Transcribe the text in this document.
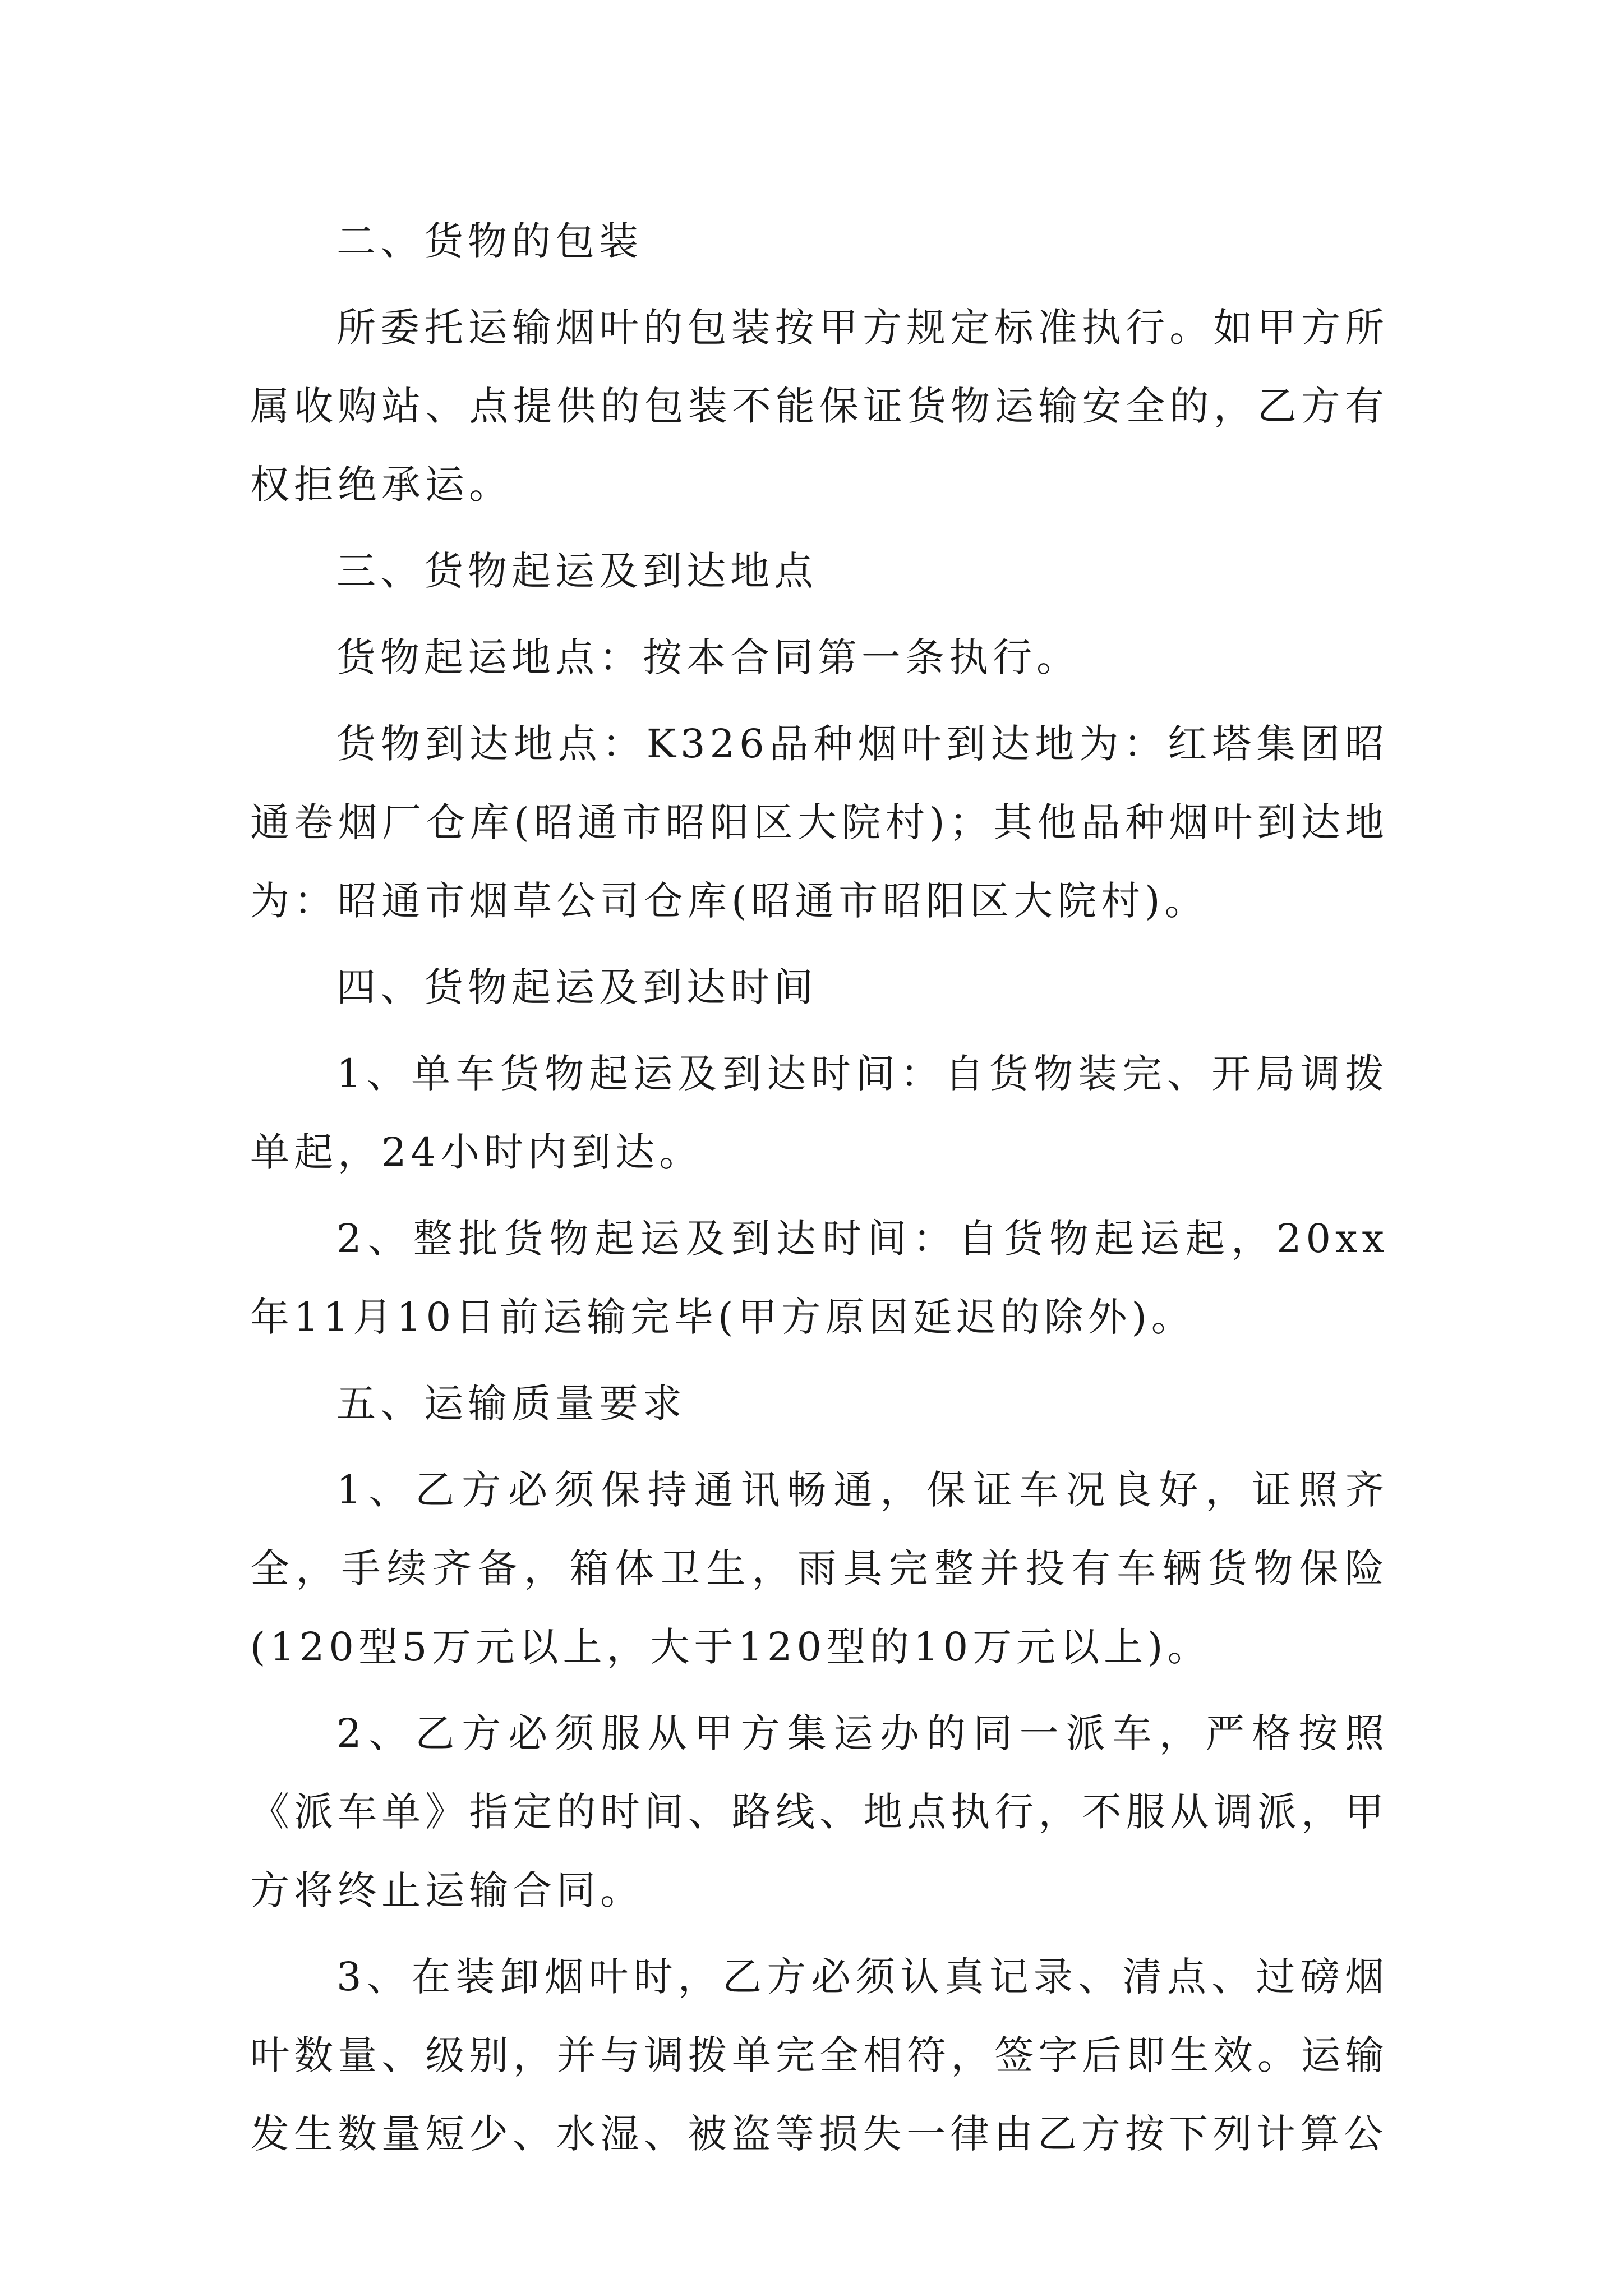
二、货物的包装

所委托运输烟叶的包装按甲方规定标准执行。如甲方所属收购站、点提供的包装不能保证货物运输安全的，乙方有权拒绝承运。

三、货物起运及到达地点

货物起运地点：按本合同第一条执行。

货物到达地点：K326品种烟叶到达地为：红塔集团昭通卷烟厂仓库(昭通市昭阳区大院村)；其他品种烟叶到达地为：昭通市烟草公司仓库(昭通市昭阳区大院村)。

四、货物起运及到达时间

1、单车货物起运及到达时间：自货物装完、开局调拨单起，24小时内到达。

2、整批货物起运及到达时间：自货物起运起，20xx年11月10日前运输完毕(甲方原因延迟的除外)。

五、运输质量要求

1、乙方必须保持通讯畅通，保证车况良好，证照齐全，手续齐备，箱体卫生，雨具完整并投有车辆货物保险(120型5万元以上，大于120型的10万元以上)。

2、乙方必须服从甲方集运办的同一派车，严格按照《派车单》指定的时间、路线、地点执行，不服从调派，甲方将终止运输合同。

3、在装卸烟叶时，乙方必须认真记录、清点、过磅烟叶数量、级别，并与调拨单完全相符，签字后即生效。运输发生数量短少、水湿、被盗等损失一律由乙方按下列计算公
